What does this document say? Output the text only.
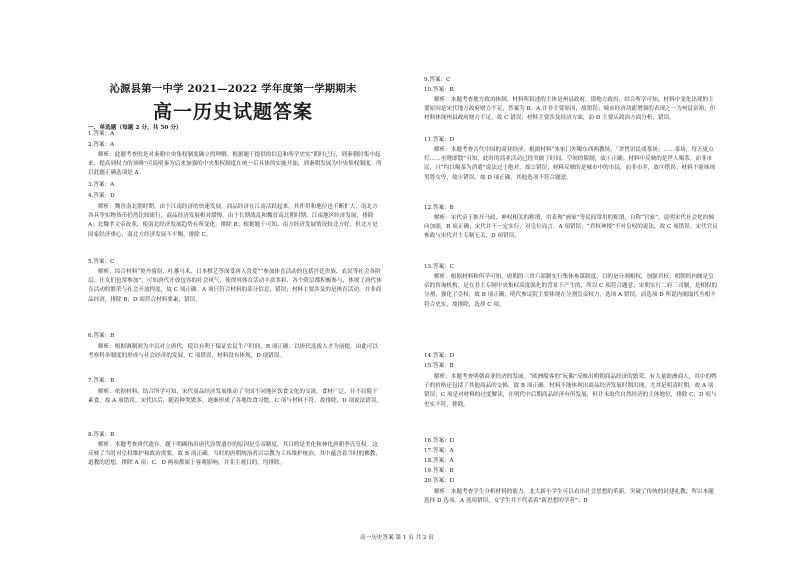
沁源县第一中学 2021—2022 学年度第一学期期末
高一历史试题答案
一、单选题（每题 2 分，共 50 分）
1.答案：A
2.答案：A
解析：此题考查的是对秦朝中央集权制度确立的理解。根据题干提供的信息和所学史实“朝时已行，到秦朝时集中起来，提高到权力的顶峰”可说明秦为后来加强的中央集权制度在统一后具体的实施开始，到秦朝发展为中央集权制度。所以此题正确选项是 A。
3.答案：A
4.答案：D
解析：魏晋南北朝时期，由于江南经济的快速发展，商品经济在江南活跃起来，其作用和地位也不断扩大，南北方各具等实物货币仍然比较流行，商品经济发展相对缓慢。由于长期战乱和魏晋南北朝时期，江南地区经济发展，排除 A；北魏孝文帝改革，使南北经济发展趋势有所变化，排除 B；根据题干可知，南方经济发展情况较北方好，但北方是国家经济重心，南北方经济发展不平衡，排除 C。
5.答案：C
解析：综合材料“契丹骑射、吐蕃马术、日本棋艺等深受唐人喜爱”“参加体育活动的包括宫廷贵族、农民等社会各阶层，仕女们也常参加”，可知唐代开放包容的社会风气，使得其体育活动丰富多彩，各个阶层都积极参与，体现了唐代体育活动的繁荣与社会开放程度，故 C 项正确。A 项只符合材料的部分信息，错误；材料主要涉及的是体育活动，并非商品经济，排除 B；D 项符合材料要素，错误。
6.答案：B
解析：根据调制剂为中以对立唐代，使以有利于保证农民生产时间，B 项正确；以唐代选拔人才为前提，由此可以考察科举制度的形成与社会经济的发展，C 项错误，材料没有体现，D 项错误。
7.答案：B
解析：依据材料，结合所学可知，宋代商品经济发展推动了全国不同地区饮食文化的交流，食材广泛，并不局限于素食，故 A 项错误。宋代以后，随着种类繁多，逐渐形成了各地饮食习惯，C 项与材料不符，故排除，D 项说法错误。
8.答案：B
解析：本题考查唐代遗存。题干明确指出唐代设置遗存的原因是皇帝制度，其目的是美化和神化唐朝李氏皇权。这反映了当时对皇权维护和政治需要，故 B 项正确。当时的唐朝统治者以宗教为工具维护统治，其中蕴含着当时的佛教、道教的思想，排除 A 项；C、D 两项都属于客观影响，并非主观目的，均排除。
9.答案：C
10.答案：B
解析：本题考查地方政治体制。材料所叙述的主体是州县政府，即地方政府，结合所学可知，材料中变化出现的主要原因是宋代地方政府财力不足，答案为 B。A 并非主要原因，故错误；城市经济功能增强的表现之一为州县富裕，但材料体现州县政府财力不足，故 C 错误；材料主要涉及经济方面，而 D 主要从政治方面分析，错误。
11.答案：D
解析：本题考查古代中国的商业经济。根据材料“朱家门外曝东西两教场，「舍曾识民戏茶场」……茶场，每五更点灯……至晓即散”可知，此时的商业活动已经突破了时间、空间的限制，故①正确；材料中反映的是世人喝茶，而非市民，且“均以喝茶为消遣”说法过于绝对，故②错误；材料反映的是城市中的市民，而非市井，故③错误；材料不能体现男尊女卑，故④错误，故 D 项正确，其他选项不符合题意。
12.答案：B
解析：宋代帝王推开马政、神权相关的称谓，用表现“画家”等民间常用的称谓，自称“官家”，说明宋代社会化的倾向加强，B 项正确；宋代并不一定实行，对皇位而言，A 项错误；“君权神授”不对皇权的说法，故 C 项错误；宋代官员参政与宋代君主专制无关，D 项错误。
13.答案：C
解析：根据材料和所学可知，唐朝的三省六部制实行集体参谋制度，目的是分割相权，加强君权；明朝的内阁是皇帝的咨询机构，是在君主专制中央集权高度强化的背景下产生的，所以 C 项符合题意；宋朝实行二府三司制，是相权的分割，强化了皇权，故 B 项正确，明代参议院主要体现在分割皇帝权力，选项 A 错误，而选项 D 所说内阁取代丞相不符合史实，故排除，选择 C 项。
14.答案：D
15.答案：B
解析：本题考查明朝商业经济的发展。“欧洲船客的“玩偶”反映出明朝商品经济的繁荣，有大量欧洲商人，其中的鸭子的价格还包括了其他商品的交换，故 B 项正确。材料不能体现出商品经济发展时期出现，尤其是明清时期，故 A 项错误；C 项是对材料的过度解读，在明代中后期商品经济有所发展，但并未取代自然经济的主体地位，排除 C；D 项与史实不符，排除。
16.答案：D
17.答案：A
18.答案：A
19.答案：B
20.答案：D
解析：本题考查学生分析材料的能力。北大新小学生可以看出社会思想的革新，突破了传统的封建礼教，所以本题选择 D 选项。A 选项错误，女学生并不代表着“新思想的学者”；B
高一历史答案 第 1 页 共 2 页
